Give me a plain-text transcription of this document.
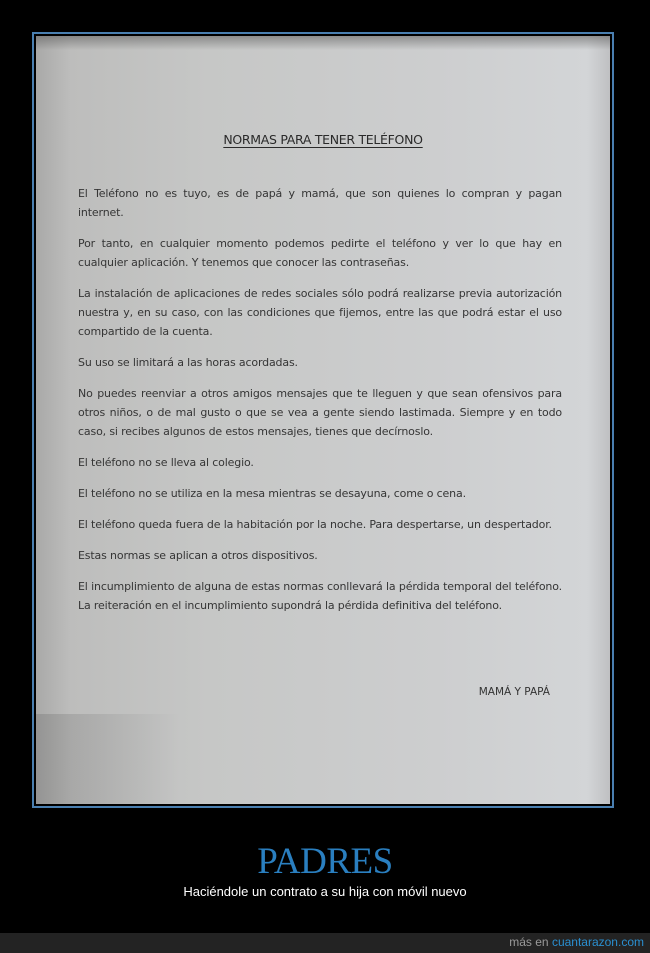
NORMAS PARA TENER TELÉFONO

El Teléfono no es tuyo, es de papá y mamá, que son quienes lo compran y pagan internet.

Por tanto, en cualquier momento podemos pedirte el teléfono y ver lo que hay en cualquier aplicación. Y tenemos que conocer las contraseñas.

La instalación de aplicaciones de redes sociales sólo podrá realizarse previa autorización nuestra y, en su caso, con las condiciones que fijemos, entre las que podrá estar el uso compartido de la cuenta.

Su uso se limitará a las horas acordadas.

No puedes reenviar a otros amigos mensajes que te lleguen y que sean ofensivos para otros niños, o de mal gusto o que se vea a gente siendo lastimada. Siempre y en todo caso, si recibes algunos de estos mensajes, tienes que decírnoslo.

El teléfono no se lleva al colegio.

El teléfono no se utiliza en la mesa mientras se desayuna, come o cena.

El teléfono queda fuera de la habitación por la noche. Para despertarse, un despertador.

Estas normas se aplican a otros dispositivos.

El incumplimiento de alguna de estas normas conllevará la pérdida temporal del teléfono. La reiteración en el incumplimiento supondrá la pérdida definitiva del teléfono.

MAMÁ Y PAPÁ
PADRES
Haciéndole un contrato a su hija con móvil nuevo
más en cuantarazon.com
